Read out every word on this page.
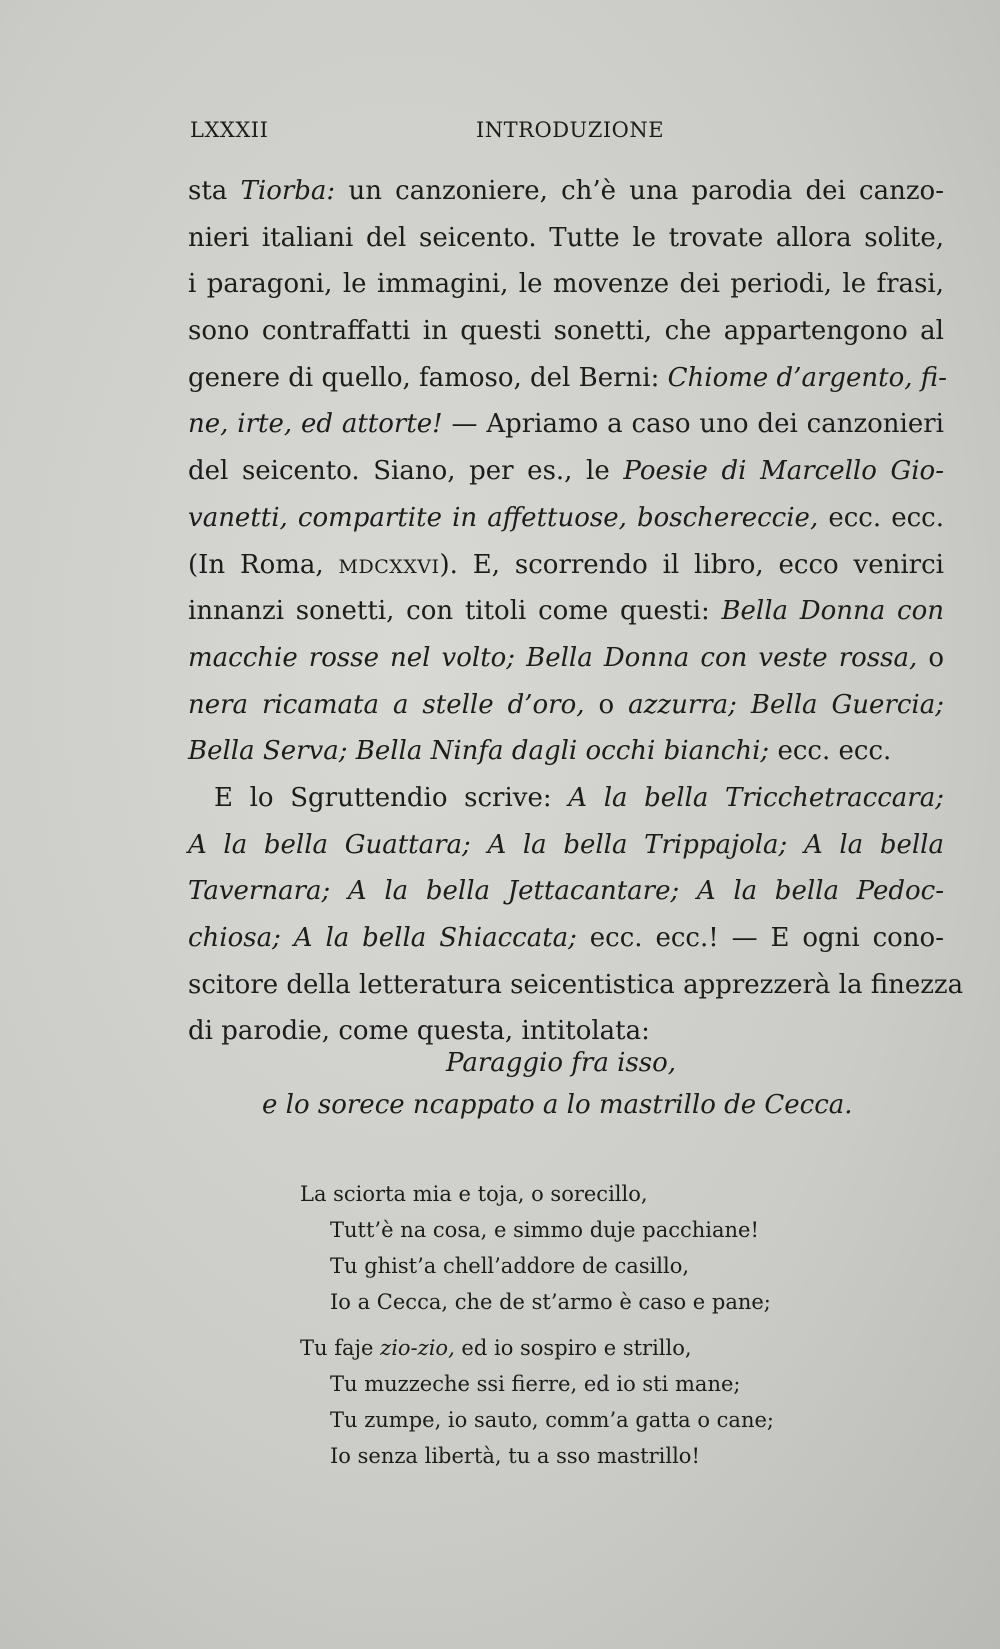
LXXXII	INTRODUZIONE
sta Tiorba: un canzoniere, ch’è una parodia dei canzo-
nieri italiani del seicento. Tutte le trovate allora solite,
i paragoni, le immagini, le movenze dei periodi, le frasi,
sono contraffatti in questi sonetti, che appartengono al
genere di quello, famoso, del Berni: Chiome d’argento, fi-
ne, irte, ed attorte! — Apriamo a caso uno dei canzonieri
del seicento. Siano, per es., le Poesie di Marcello Gio-
vanetti, compartite in affettuose, boschereccie, ecc. ecc.
(In Roma, MDCXXVI). E, scorrendo il libro, ecco venirci
innanzi sonetti, con titoli come questi: Bella Donna con
macchie rosse nel volto; Bella Donna con veste rossa, o
nera ricamata a stelle d’oro, o azzurra; Bella Guercia;
Bella Serva; Bella Ninfa dagli occhi bianchi; ecc. ecc.
E lo Sgruttendio scrive: A la bella Tricchetraccara;
A la bella Guattara; A la bella Trippajola; A la bella
Tavernara; A la bella Jettacantare; A la bella Pedoc-
chiosa; A la bella Shiaccata; ecc. ecc.! — E ogni cono-
scitore della letteratura seicentistica apprezzerà la finezza
di parodie, come questa, intitolata:
Paraggio fra isso,
e lo sorece ncappato a lo mastrillo de Cecca.
La sciorta mia e toja, o sorecillo,
Tutt’è na cosa, e simmo duje pacchiane!
Tu ghist’a chell’addore de casillo,
Io a Cecca, che de st’armo è caso e pane;
Tu faje zio-zio, ed io sospiro e strillo,
Tu muzzeche ssi fierre, ed io sti mane;
Tu zumpe, io sauto, comm’a gatta o cane;
Io senza libertà, tu a sso mastrillo!
